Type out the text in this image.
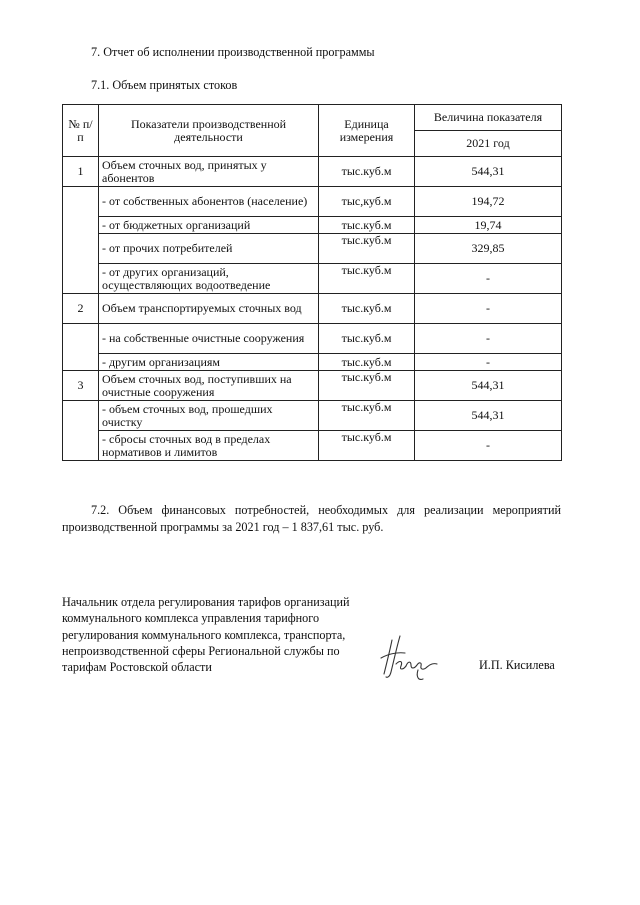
7. Отчет об исполнении производственной программы

7.1. Объем принятых стоков

№ п/п	Показатели производственной деятельности	Единица измерения	Величина показателя
			2021 год
1	Объем сточных вод, принятых у абонентов	тыс.куб.м	544,31
	- от собственных абонентов (население)	тыс,куб.м	194,72
	- от бюджетных организаций	тыс.куб.м	19,74
	- от прочих потребителей	тыс.куб.м	329,85
	- от других организаций, осуществляющих водоотведение	тыс.куб.м	-
2	Объем транспортируемых сточных вод	тыс.куб.м	-
	- на собственные очистные сооружения	тыс.куб.м	-
	- другим организациям	тыс.куб.м	-
3	Объем сточных вод, поступивших на очистные сооружения	тыс.куб.м	544,31
	- объем сточных вод, прошедших очистку	тыс.куб.м	544,31
	- сбросы сточных вод в пределах нормативов и лимитов	тыс.куб.м	-

7.2. Объем финансовых потребностей, необходимых для реализации мероприятий производственной программы за 2021 год – 1 837,61 тыс. руб.

Начальник отдела регулирования тарифов организаций
коммунального комплекса управления тарифного
регулирования коммунального комплекса, транспорта,
непроизводственной сферы Региональной службы по
тарифам Ростовской области	И.П. Кисилева
